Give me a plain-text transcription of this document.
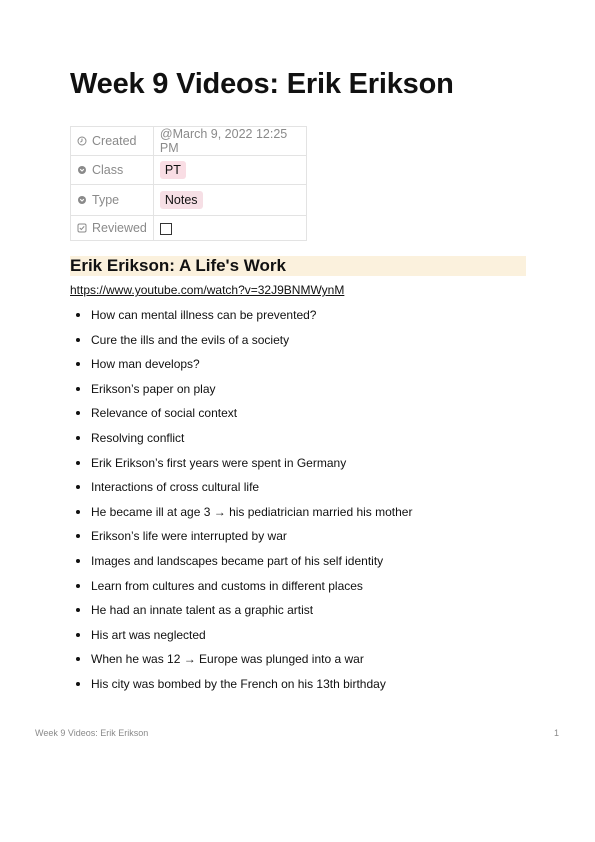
Week 9 Videos: Erik Erikson
Created	@March 9, 2022 12:25 PM

Class	PT

Type	Notes

Reviewed	

Erik Erikson: A Life's Work
https://www.youtube.com/watch?v=32J9BNMWynM
How can mental illness can be prevented?
Cure the ills and the evils of a society
How man develops?
Erikson’s paper on play
Relevance of social context
Resolving conflict
Erik Erikson’s first years were spent in Germany
Interactions of cross cultural life
He became ill at age 3 → his pediatrician married his mother
Erikson’s life were interrupted by war
Images and landscapes became part of his self identity
Learn from cultures and customs in different places
He had an innate talent as a graphic artist
His art was neglected
When he was 12 → Europe was plunged into a war
His city was bombed by the French on his 13th birthday
Week 9 Videos: Erik Erikson	1
